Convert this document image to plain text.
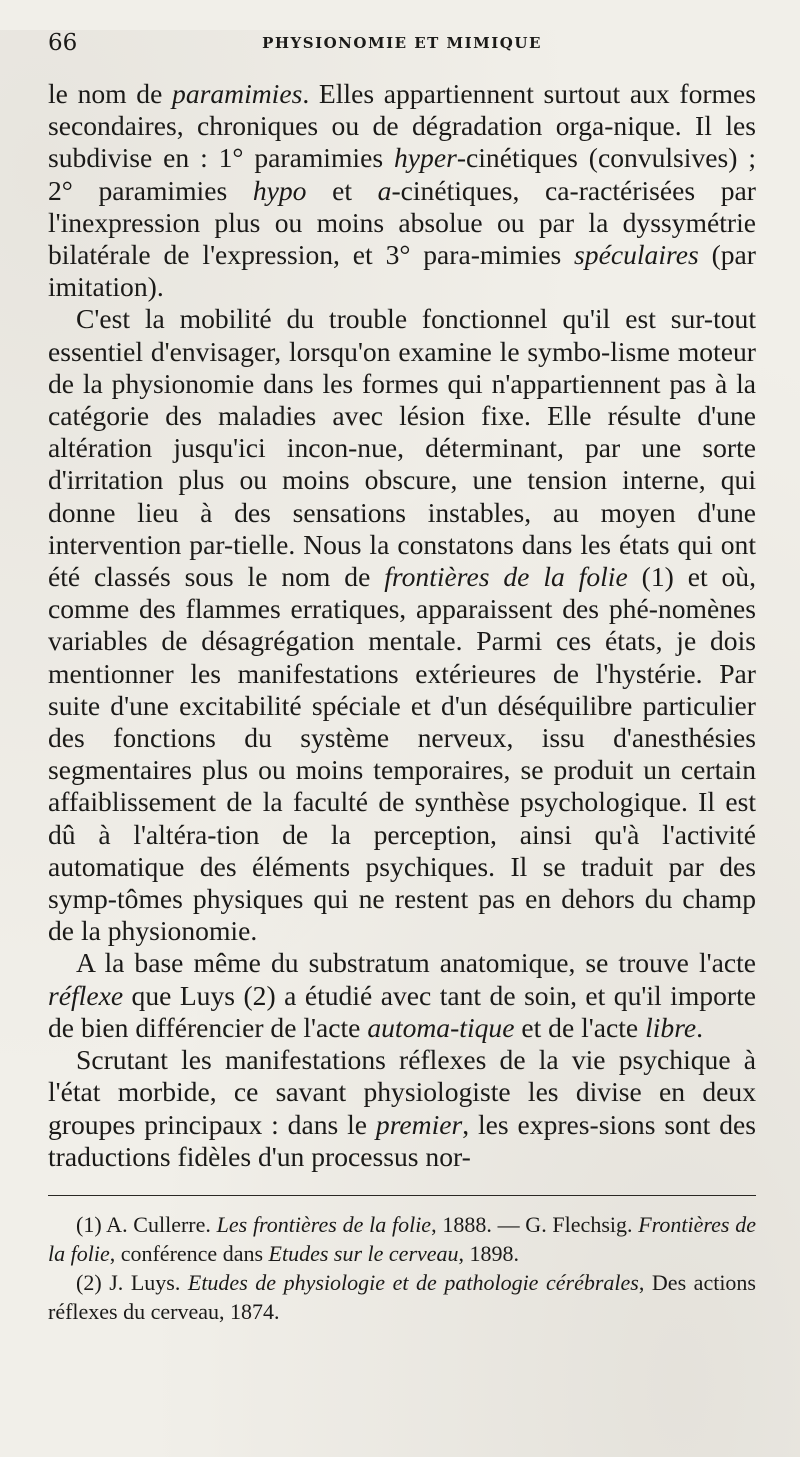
66	PHYSIONOMIE ET MIMIQUE

le nom de paramimies. Elles appartiennent surtout aux formes secondaires, chroniques ou de dégradation orga-nique. Il les subdivise en : 1° paramimies hyper-cinétiques (convulsives) ; 2° paramimies hypo et a-cinétiques, ca-ractérisées par l'inexpression plus ou moins absolue ou par la dyssymétrie bilatérale de l'expression, et 3° para-mimies spéculaires (par imitation).

C'est la mobilité du trouble fonctionnel qu'il est sur-tout essentiel d'envisager, lorsqu'on examine le symbo-lisme moteur de la physionomie dans les formes qui n'appartiennent pas à la catégorie des maladies avec lésion fixe. Elle résulte d'une altération jusqu'ici incon-nue, déterminant, par une sorte d'irritation plus ou moins obscure, une tension interne, qui donne lieu à des sensations instables, au moyen d'une intervention par-tielle. Nous la constatons dans les états qui ont été classés sous le nom de frontières de la folie (1) et où, comme des flammes erratiques, apparaissent des phé-nomènes variables de désagrégation mentale. Parmi ces états, je dois mentionner les manifestations extérieures de l'hystérie. Par suite d'une excitabilité spéciale et d'un déséquilibre particulier des fonctions du système nerveux, issu d'anesthésies segmentaires plus ou moins temporaires, se produit un certain affaiblissement de la faculté de synthèse psychologique. Il est dû à l'altéra-tion de la perception, ainsi qu'à l'activité automatique des éléments psychiques. Il se traduit par des symp-tômes physiques qui ne restent pas en dehors du champ de la physionomie.

A la base même du substratum anatomique, se trouve l'acte réflexe que Luys (2) a étudié avec tant de soin, et qu'il importe de bien différencier de l'acte automa-tique et de l'acte libre.

Scrutant les manifestations réflexes de la vie psychique à l'état morbide, ce savant physiologiste les divise en deux groupes principaux : dans le premier, les expres-sions sont des traductions fidèles d'un processus nor-

(1) A. Cullerre. Les frontières de la folie, 1888. — G. Flechsig. Frontières de la folie, conférence dans Etudes sur le cerveau, 1898.

(2) J. Luys. Etudes de physiologie et de pathologie cérébrales, Des actions réflexes du cerveau, 1874.
